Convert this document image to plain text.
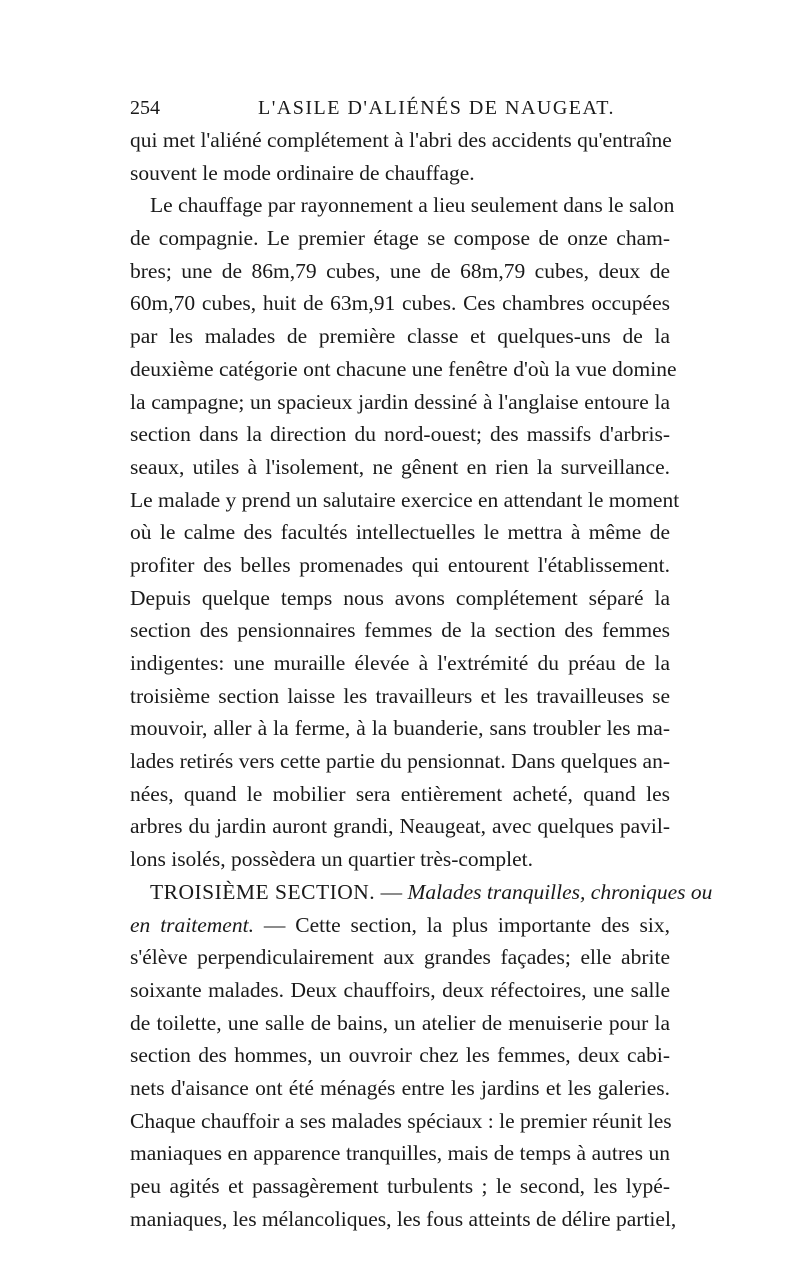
254	L'ASILE D'ALIÉNÉS DE NAUGEAT.
qui met l'aliéné complétement à l'abri des accidents qu'entraîne
souvent le mode ordinaire de chauffage.
Le chauffage par rayonnement a lieu seulement dans le salon
de compagnie. Le premier étage se compose de onze cham-
bres; une de 86m,79 cubes, une de 68m,79 cubes, deux de
60m,70 cubes, huit de 63m,91 cubes. Ces chambres occupées
par les malades de première classe et quelques-uns de la
deuxième catégorie ont chacune une fenêtre d'où la vue domine
la campagne; un spacieux jardin dessiné à l'anglaise entoure la
section dans la direction du nord-ouest; des massifs d'arbris-
seaux, utiles à l'isolement, ne gênent en rien la surveillance.
Le malade y prend un salutaire exercice en attendant le moment
où le calme des facultés intellectuelles le mettra à même de
profiter des belles promenades qui entourent l'établissement.
Depuis quelque temps nous avons complétement séparé la
section des pensionnaires femmes de la section des femmes
indigentes: une muraille élevée à l'extrémité du préau de la
troisième section laisse les travailleurs et les travailleuses se
mouvoir, aller à la ferme, à la buanderie, sans troubler les ma-
lades retirés vers cette partie du pensionnat. Dans quelques an-
nées, quand le mobilier sera entièrement acheté, quand les
arbres du jardin auront grandi, Neaugeat, avec quelques pavil-
lons isolés, possèdera un quartier très-complet.
TROISIÈME SECTION. — Malades tranquilles, chroniques ou
en traitement. — Cette section, la plus importante des six,
s'élève perpendiculairement aux grandes façades; elle abrite
soixante malades. Deux chauffoirs, deux réfectoires, une salle
de toilette, une salle de bains, un atelier de menuiserie pour la
section des hommes, un ouvroir chez les femmes, deux cabi-
nets d'aisance ont été ménagés entre les jardins et les galeries.
Chaque chauffoir a ses malades spéciaux : le premier réunit les
maniaques en apparence tranquilles, mais de temps à autres un
peu agités et passagèrement turbulents ; le second, les lypé-
maniaques, les mélancoliques, les fous atteints de délire partiel,
